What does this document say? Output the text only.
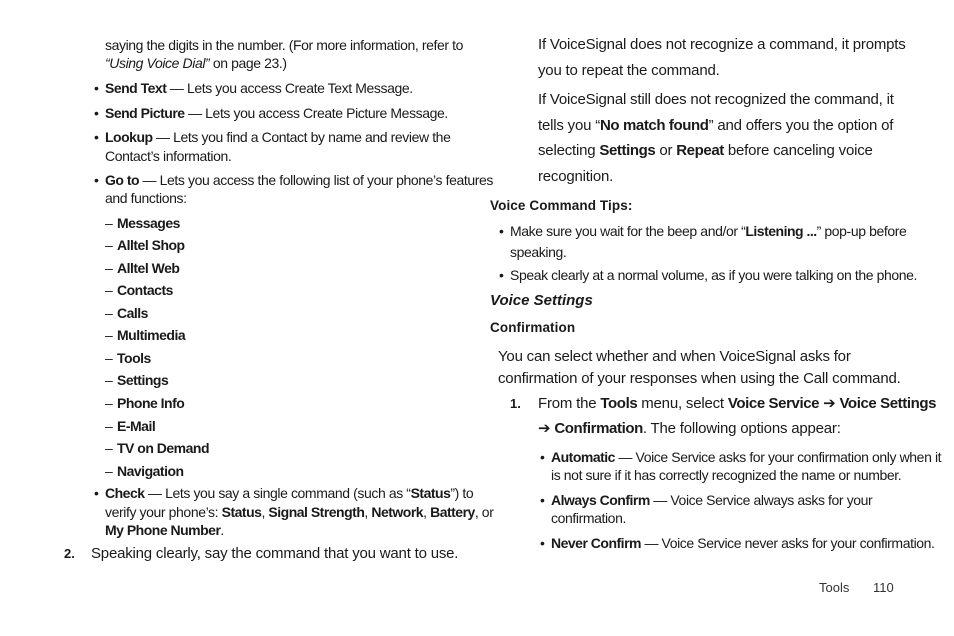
saying the digits in the number. (For more information, refer to
“Using Voice Dial” on page 23.)
• Send Text — Lets you access Create Text Message.
• Send Picture — Lets you access Create Picture Message.
• Lookup — Lets you find a Contact by name and review the
Contact’s information.
• Go to — Lets you access the following list of your phone’s features
and functions:
– Messages
– Alltel Shop
– Alltel Web
– Contacts
– Calls
– Multimedia
– Tools
– Settings
– Phone Info
– E-Mail
– TV on Demand
– Navigation
• Check — Lets you say a single command (such as “Status”) to
verify your phone’s: Status, Signal Strength, Network, Battery, or
My Phone Number.
2. Speaking clearly, say the command that you want to use.
If VoiceSignal does not recognize a command, it prompts
you to repeat the command.
If VoiceSignal still does not recognized the command, it
tells you “No match found” and offers you the option of
selecting Settings or Repeat before canceling voice
recognition.
Voice Command Tips:
• Make sure you wait for the beep and/or “Listening ...” pop-up before
speaking.
• Speak clearly at a normal volume, as if you were talking on the phone.
Voice Settings
Confirmation
You can select whether and when VoiceSignal asks for
confirmation of your responses when using the Call command.
1. From the Tools menu, select Voice Service ➔ Voice Settings
➔ Confirmation. The following options appear:
• Automatic — Voice Service asks for your confirmation only when it
is not sure if it has correctly recognized the name or number.
• Always Confirm — Voice Service always asks for your
confirmation.
• Never Confirm — Voice Service never asks for your confirmation.
Tools 110
